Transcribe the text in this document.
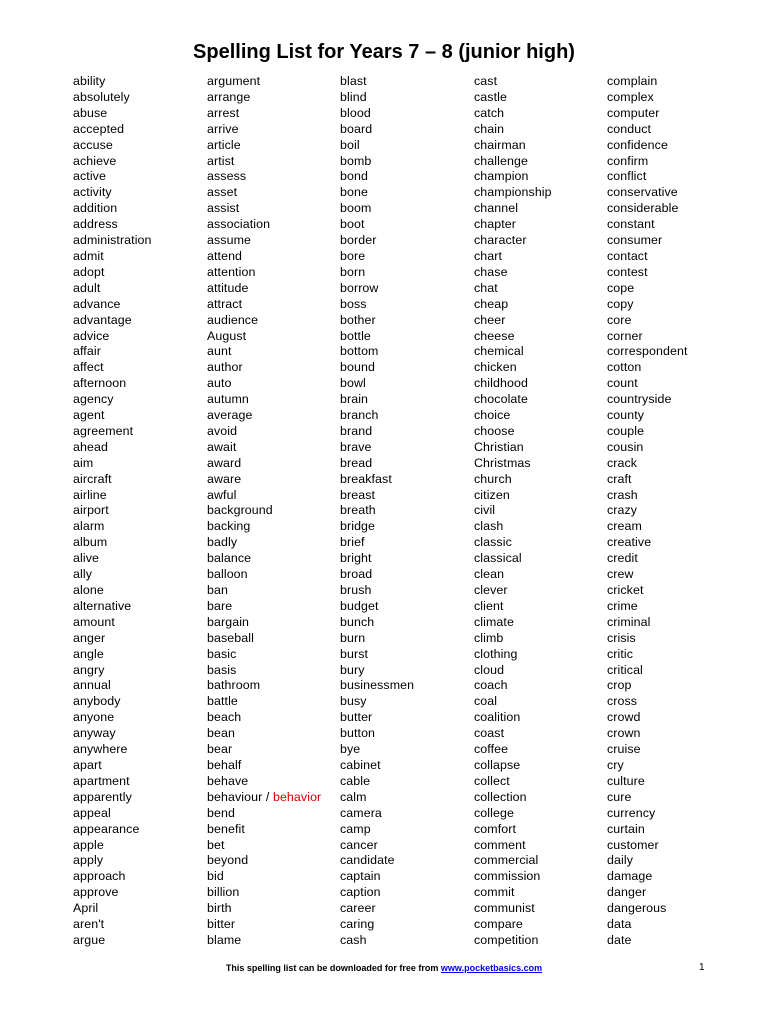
Spelling List for Years 7 – 8 (junior high)
ability
absolutely
abuse
accepted
accuse
achieve
active
activity
addition
address
administration
admit
adopt
adult
advance
advantage
advice
affair
affect
afternoon
agency
agent
agreement
ahead
aim
aircraft
airline
airport
alarm
album
alive
ally
alone
alternative
amount
anger
angle
angry
annual
anybody
anyone
anyway
anywhere
apart
apartment
apparently
appeal
appearance
apple
apply
approach
approve
April
aren't
argue
argument
arrange
arrest
arrive
article
artist
assess
asset
assist
association
assume
attend
attention
attitude
attract
audience
August
aunt
author
auto
autumn
average
avoid
await
award
aware
awful
background
backing
badly
balance
balloon
ban
bare
bargain
baseball
basic
basis
bathroom
battle
beach
bean
bear
behalf
behave
behaviour / behavior
bend
benefit
bet
beyond
bid
billion
birth
bitter
blame
blast
blind
blood
board
boil
bomb
bond
bone
boom
boot
border
bore
born
borrow
boss
bother
bottle
bottom
bound
bowl
brain
branch
brand
brave
bread
breakfast
breast
breath
bridge
brief
bright
broad
brush
budget
bunch
burn
burst
bury
businessmen
busy
butter
button
bye
cabinet
cable
calm
camera
camp
cancer
candidate
captain
caption
career
caring
cash
cast
castle
catch
chain
chairman
challenge
champion
championship
channel
chapter
character
chart
chase
chat
cheap
cheer
cheese
chemical
chicken
childhood
chocolate
choice
choose
Christian
Christmas
church
citizen
civil
clash
classic
classical
clean
clever
client
climate
climb
clothing
cloud
coach
coal
coalition
coast
coffee
collapse
collect
collection
college
comfort
comment
commercial
commission
commit
communist
compare
competition
complain
complex
computer
conduct
confidence
confirm
conflict
conservative
considerable
constant
consumer
contact
contest
cope
copy
core
corner
correspondent
cotton
count
countryside
county
couple
cousin
crack
craft
crash
crazy
cream
creative
credit
crew
cricket
crime
criminal
crisis
critic
critical
crop
cross
crowd
crown
cruise
cry
culture
cure
currency
curtain
customer
daily
damage
danger
dangerous
data
date
This spelling list can be downloaded for free from www.pocketbasics.com	1
